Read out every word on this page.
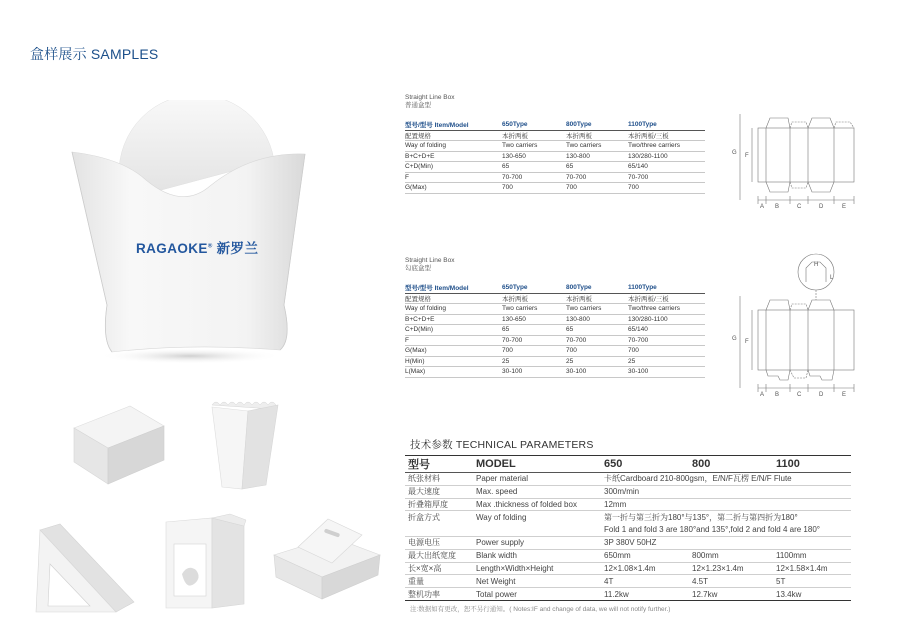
盒样展示 SAMPLES
RAGAOKE® 新罗兰
Straight Line Box
普通盒型
型号/型号 Item/Model	650Type	800Type	1100Type
配置规格	本折两板	本折两板	本折两板/三板
Way of folding	Two carriers	Two carriers	Two/three carriers
B+C+D+E	130-650	130-800	130/280-1100
C+D(Min)	65	65	65/140
F	70-700	70-700	70-700
G(Max)	700	700	700
Straight Line Box
勾底盒型
型号/型号 Item/Model	650Type	800Type	1100Type
配置规格	本折两板	本折两板	本折两板/三板
Way of folding	Two carriers	Two carriers	Two/three carriers
B+C+D+E	130-650	130-800	130/280-1100
C+D(Min)	65	65	65/140
F	70-700	70-700	70-700
G(Max)	700	700	700
H(Min)	25	25	25
L(Max)	30-100	30-100	30-100
G F
A B	C	D	E
H
L
G F
A B	C	D	E
技术参数 TECHNICAL PARAMETERS
型号	MODEL	650	800	1100
纸张材料	Paper material	卡纸Cardboard 210-800gsm，E/N/F瓦楞 E/N/F Flute		
最大速度	Max. speed	300m/min		
折叠箱厚度	Max .thickness of folded box	12mm		
折盒方式	Way of folding	第一折与第三折为180°与135°，第二折与第四折为180°		
		Fold 1 and fold 3 are 180°and 135°,fold 2 and fold 4 are 180°		
电源电压	Power supply	3P 380V 50HZ		
最大出纸宽度	Blank width	650mm	800mm	1100mm
长×宽×高	Length×Width×Height	12×1.08×1.4m	12×1.23×1.4m	12×1.58×1.4m
重量	Net Weight	4T	4.5T	5T
整机功率	Total power	11.2kw	12.7kw	13.4kw
注:数据如有更改，恕不另行通知。( Notes:IF and change of data, we will not notify further.)
